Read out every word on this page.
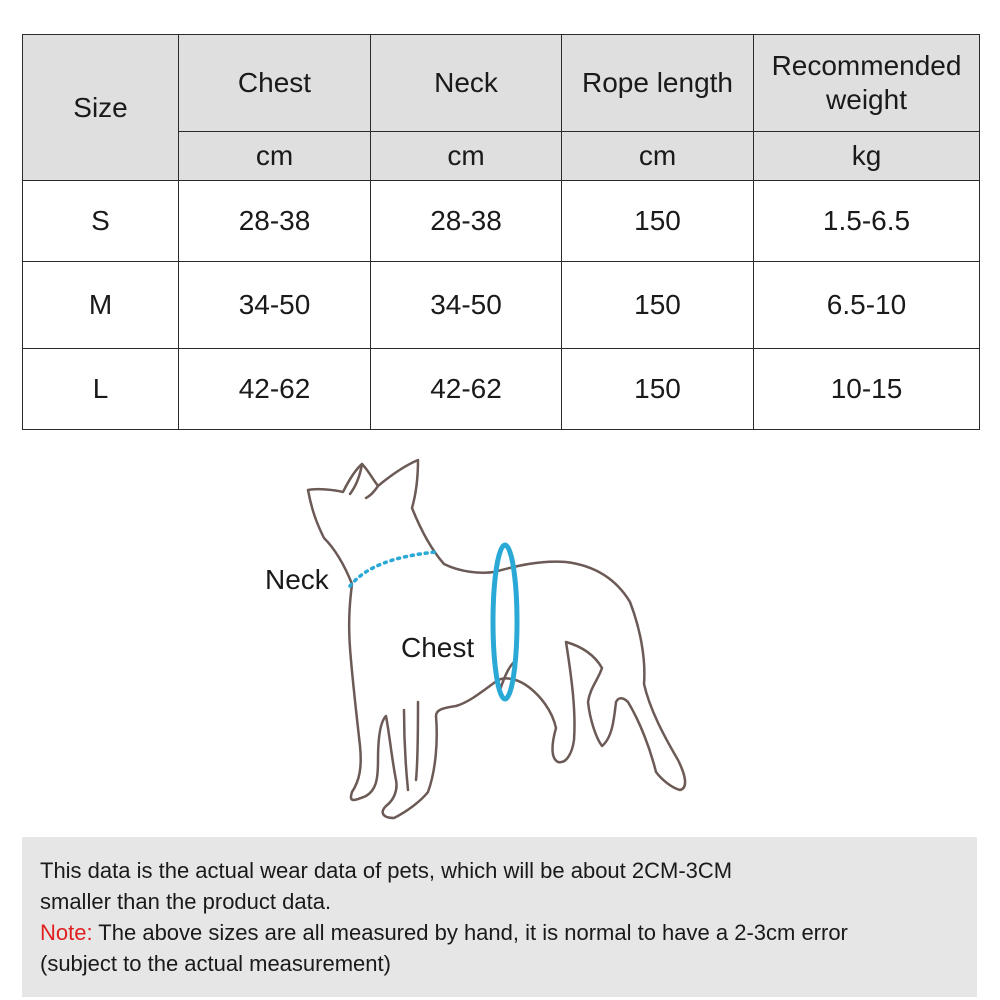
Size	Chest	Neck	Rope length	Recommended weight
	cm	cm	cm	kg
S	28-38	28-38	150	1.5-6.5
M	34-50	34-50	150	6.5-10
L	42-62	42-62	150	10-15
Neck
Chest

This data is the actual wear data of pets, which will be about 2CM-3CM

smaller than the product data.

Note: The above sizes are all measured by hand, it is normal to have a 2-3cm error

(subject to the actual measurement)
